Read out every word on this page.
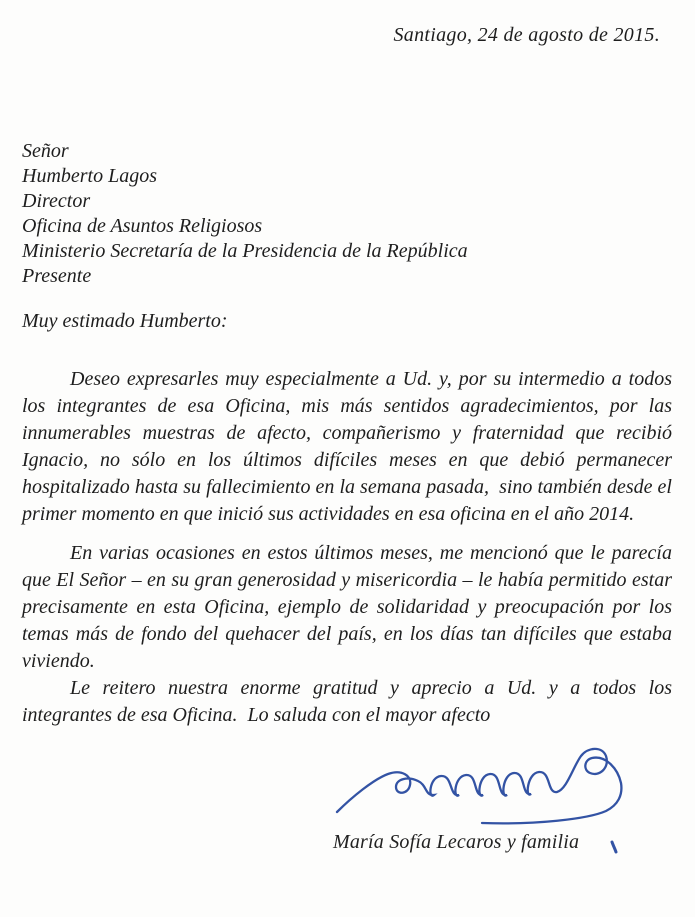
Santiago, 24 de agosto de 2015.
Señor
Humberto Lagos
Director
Oficina de Asuntos Religiosos
Ministerio Secretaría de la Presidencia de la República
Presente
Muy estimado Humberto:

Deseo expresarles muy especialmente a Ud. y, por su intermedio a todos los integrantes de esa Oficina, mis más sentidos agradecimientos, por las innumerables muestras de afecto, compañerismo y fraternidad que recibió Ignacio, no sólo en los últimos difíciles meses en que debió permanecer hospitalizado hasta su fallecimiento en la semana pasada,  sino también desde el primer momento en que inició sus actividades en esa oficina en el año 2014.

En varias ocasiones en estos últimos meses, me mencionó que le parecía que El Señor – en su gran generosidad y misericordia – le había permitido estar precisamente en esta Oficina, ejemplo de solidaridad y preocupación por los temas más de fondo del quehacer del país, en los días tan difíciles que estaba viviendo.

Le reitero nuestra enorme gratitud y aprecio a Ud. y a todos los integrantes de esa Oficina.  Lo saluda con el mayor afecto

María Sofía Lecaros y familia
